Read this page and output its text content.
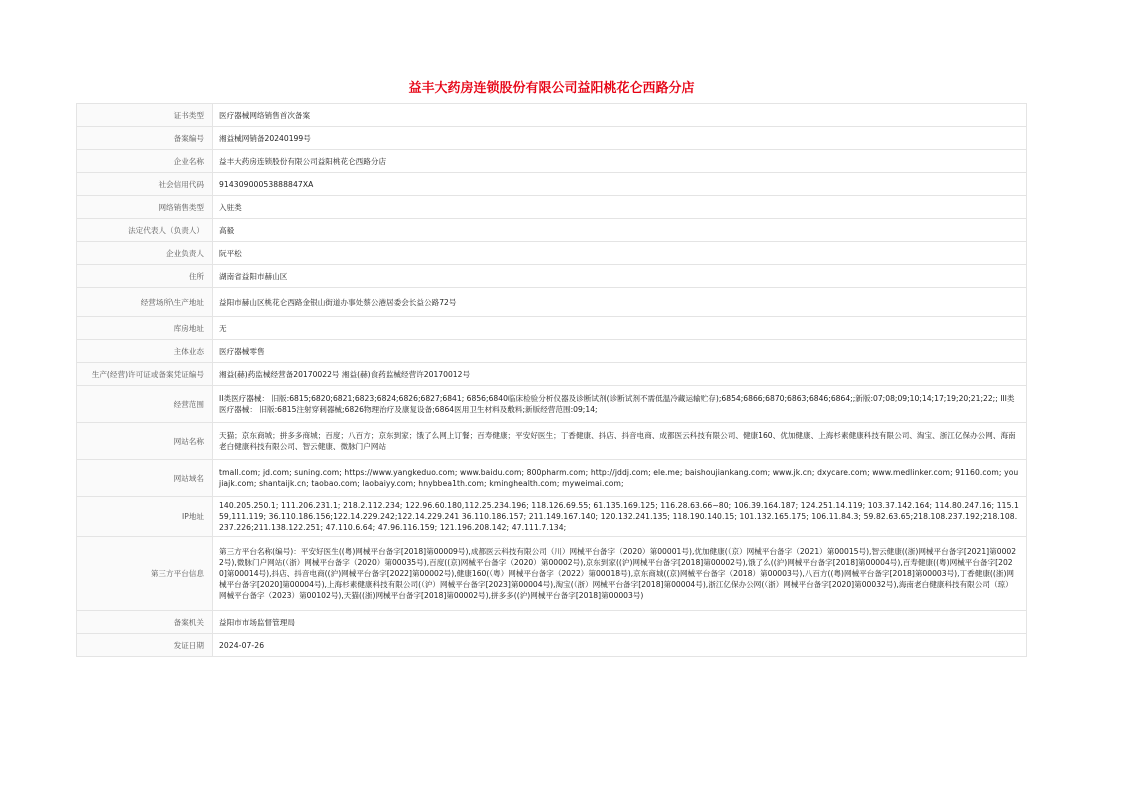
益丰大药房连锁股份有限公司益阳桃花仑西路分店
证书类型	医疗器械网络销售首次备案
备案编号	湘益械网销备20240199号
企业名称	益丰大药房连锁股份有限公司益阳桃花仑西路分店
社会信用代码	91430900053888847XA
网络销售类型	入驻类
法定代表人（负责人）	高毅
企业负责人	阮平松
住所	湖南省益阳市赫山区
经营场所\生产地址	益阳市赫山区桃花仑西路金银山街道办事处蔡公港居委会长益公路72号
库房地址	无
主体业态	医疗器械零售
生产(经营)许可证或备案凭证编号	湘益(赫)药监械经营备20170022号 湘益(赫)食药监械经营许20170012号
经营范围	II类医疗器械： 旧版:6815;6820;6821;6823;6824;6826;6827;6841; 6856;6840临床检验分析仪器及诊断试剂(诊断试剂不需低温冷藏运输贮存);6854;6866;6870;6863;6846;6864;;新版:07;08;09;10;14;17;19;20;21;22;; III类医疗器械： 旧版:6815注射穿刺器械;6826物理治疗及康复设备;6864医用卫生材料及敷料;新版经营范围:09;14;
网站名称	天猫；京东商城；拼多多商城；百度；八百方；京东到家；饿了么网上订餐；百寿健康；平安好医生；丁香健康、抖店、抖音电商、成都医云科技有限公司、健康160、优加健康、上海杉素健康科技有限公司、淘宝、浙江亿保办公网、海南老白健康科技有限公司、智云健康、微脉门户网站
网站域名	tmall.com; jd.com; suning.com; https://www.yangkeduo.com; www.baidu.com; 800pharm.com; http://jddj.com; ele.me; baishoujiankang.com; www.jk.cn; dxycare.com; www.medlinker.com; 91160.com; youjiajk.com; shantaijk.cn; taobao.com; laobaiyy.com; hnybbea1th.com; kminghealth.com; myweimai.com;
IP地址	140.205.250.1; 111.206.231.1; 218.2.112.234; 122.96.60.180,112.25.234.196; 118.126.69.55; 61.135.169.125; 116.28.63.66~80; 106.39.164.187; 124.251.14.119; 103.37.142.164; 114.80.247.16; 115.159,111.119; 36.110.186.156;122.14.229.242;122.14.229.241 36.110.186.157; 211.149.167.140; 120.132.241.135; 118.190.140.15; 101.132.165.175; 106.11.84.3; 59.82.63.65;218.108.237.192;218.108.237.226;211.138.122.251; 47.110.6.64; 47.96.116.159; 121.196.208.142; 47.111.7.134;
第三方平台信息	第三方平台名称(编号)：平安好医生((粤)网械平台备字[2018]第00009号),成都医云科技有限公司（川）网械平台备字（2020）第00001号),优加健康(（京）网械平台备字（2021）第00015号),智云健康((浙)网械平台备字[2021]第00022号),微脉门户网站(（浙）网械平台备字（2020）第00035号),百度((京)网械平台备字（2020）第00002号),京东到家((沪)网械平台备字[2018]第00002号),饿了么((沪)网械平台备字[2018]第00004号),百寿健康((粤)网械平台备字[2020]第00014号),抖店、抖音电商((沪)网械平台备字[2022]第00002号),健康160(（粤）网械平台备字（2022）第00018号),京东商城((京)网械平台备字（2018）第00003号),八百方((粤)网械平台备字[2018]第00003号),丁香健康((浙)网械平台备字[2020]第00004号),上海杉素健康科技有限公司(（沪）网械平台备字[2023]第00004号),淘宝(（浙）网械平台备字[2018]第00004号),浙江亿保办公网(（浙）网械平台备字[2020]第00032号),海南老白健康科技有限公司（琼）网械平台备字（2023）第00102号),天猫((浙)网械平台备字[2018]第00002号),拼多多((沪)网械平台备字[2018]第00003号)
备案机关	益阳市市场监督管理局
发证日期	2024-07-26
